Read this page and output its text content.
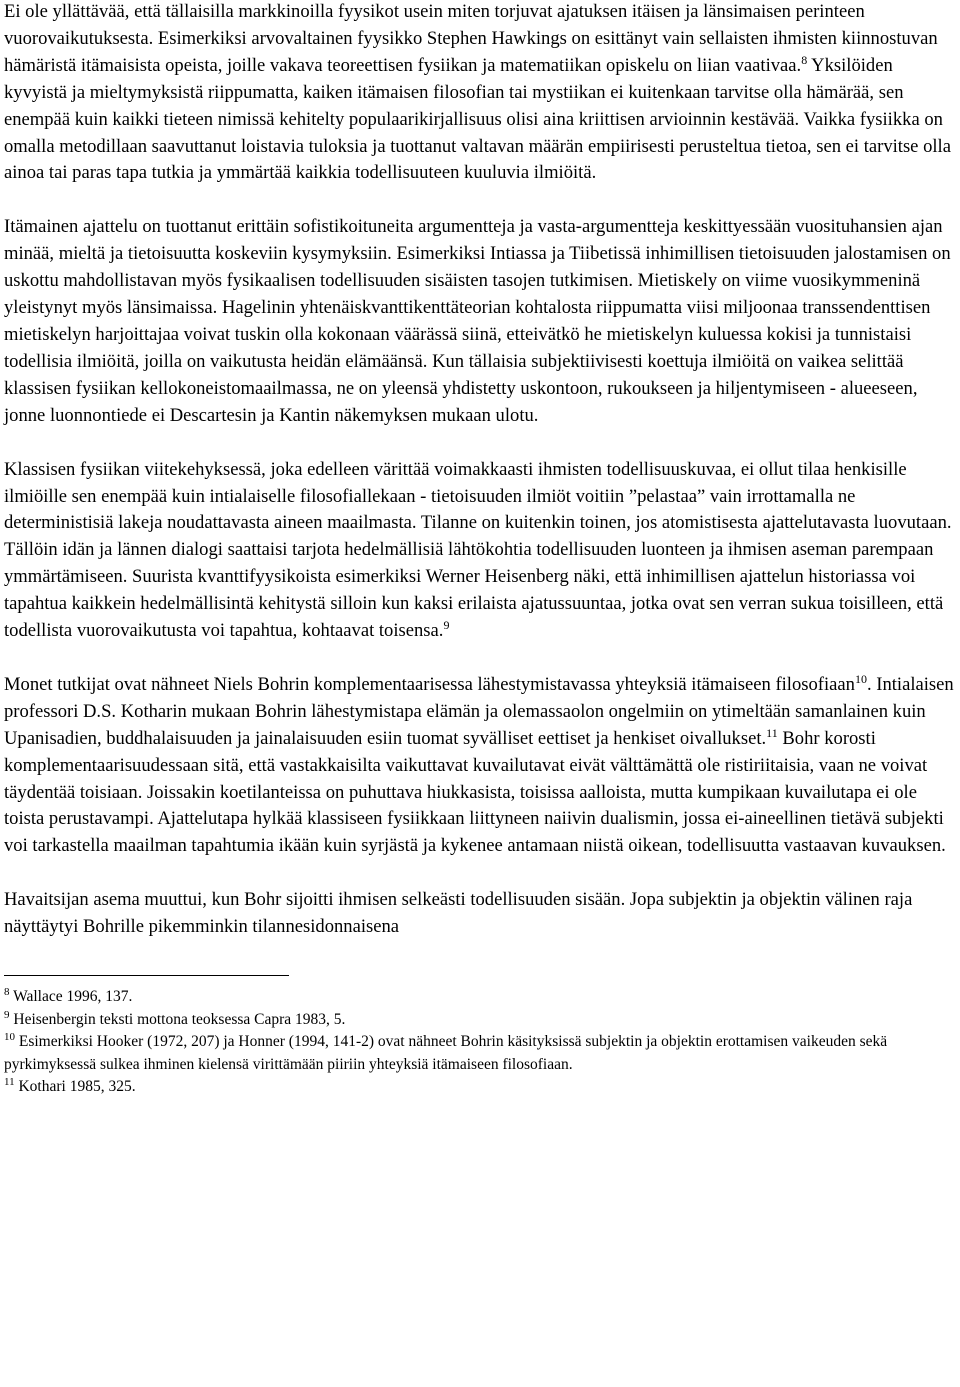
Ei ole yllättävää, että tällaisilla markkinoilla fyysikot usein miten torjuvat ajatuksen itäisen ja länsimaisen perinteen vuorovaikutuksesta. Esimerkiksi arvovaltainen fyysikko Stephen Hawkings on esittänyt vain sellaisten ihmisten kiinnostuvan hämäristä itämaisista opeista, joille vakava teoreettisen fysiikan ja matematiikan opiskelu on liian vaativaa.$^8$ Yksilöiden kyvyistä ja mieltymyksistä riippumatta, kaiken itämaisen filosofian tai mystiikan ei kuitenkaan tarvitse olla hämärää, sen enempää kuin kaikki tieteen nimissä kehitelty populaarikirjallisuus olisi aina kriittisen arvioinnin kestävää. Vaikka fysiikka on omalla metodillaan saavuttanut loistavia tuloksia ja tuottanut valtavan määrän empiirisesti perusteltua tietoa, sen ei tarvitse olla ainoa tai paras tapa tutkia ja ymmärtää kaikkia todellisuuteen kuuluvia ilmiöitä.

Itämainen ajattelu on tuottanut erittäin sofistikoituneita argumentteja ja vasta-argumentteja keskittyessään vuosituhansien ajan minää, mieltä ja tietoisuutta koskeviin kysymyksiin. Esimerkiksi Intiassa ja Tiibetissä inhimillisen tietoisuuden jalostamisen on uskottu mahdollistavan myös fysikaalisen todellisuuden sisäisten tasojen tutkimisen. Mietiskely on viime vuosikymmeninä yleistynyt myös länsimaissa. Hagelinin yhtenäiskvanttikenttäteorian kohtalosta riippumatta viisi miljoonaa transsendenttisen mietiskelyn harjoittajaa voivat tuskin olla kokonaan väärässä siinä, etteivätkö he mietiskelyn kuluessa kokisi ja tunnistaisi todellisia ilmiöitä, joilla on vaikutusta heidän elämäänsä. Kun tällaisia subjektiivisesti koettuja ilmiöitä on vaikea selittää klassisen fysiikan kellokoneistomaailmassa, ne on yleensä yhdistetty uskontoon, rukoukseen ja hiljentymiseen - alueeseen, jonne luonnontiede ei Descartesin ja Kantin näkemyksen mukaan ulotu.

Klassisen fysiikan viitekehyksessä, joka edelleen värittää voimakkaasti ihmisten todellisuuskuvaa, ei ollut tilaa henkisille ilmiöille sen enempää kuin intialaiselle filosofiallekaan - tietoisuuden ilmiöt voitiin ”pelastaa” vain irrottamalla ne deterministisiä lakeja noudattavasta aineen maailmasta. Tilanne on kuitenkin toinen, jos atomistisesta ajattelutavasta luovutaan. Tällöin idän ja lännen dialogi saattaisi tarjota hedelmällisiä lähtökohtia todellisuuden luonteen ja ihmisen aseman parempaan ymmärtämiseen. Suurista kvanttifyysikoista esimerkiksi Werner Heisenberg näki, että inhimillisen ajattelun historiassa voi tapahtua kaikkein hedelmällisintä kehitystä silloin kun kaksi erilaista ajatussuuntaa, jotka ovat sen verran sukua toisilleen, että todellista vuorovaikutusta voi tapahtua, kohtaavat toisensa.$^9$

Monet tutkijat ovat nähneet Niels Bohrin komplementaarisessa lähestymistavassa yhteyksiä itämaiseen filosofiaan$^{10}$. Intialaisen professori D.S. Kotharin mukaan Bohrin lähestymistapa elämän ja olemassaolon ongelmiin on ytimeltään samanlainen kuin Upanisadien, buddhalaisuuden ja jainalaisuuden esiin tuomat syvälliset eettiset ja henkiset oivallukset.$^{11}$ Bohr korosti komplementaarisuudessaan sitä, että vastakkaisilta vaikuttavat kuvailutavat eivät välttämättä ole ristiriitaisia, vaan ne voivat täydentää toisiaan. Joissakin koetilanteissa on puhuttava hiukkasista, toisissa aalloista, mutta kumpikaan kuvailutapa ei ole toista perustavampi. Ajattelutapa hylkää klassiseen fysiikkaan liittyneen naiivin dualismin, jossa ei-aineellinen tietävä subjekti voi tarkastella maailman tapahtumia ikään kuin syrjästä ja kykenee antamaan niistä oikean, todellisuutta vastaavan kuvauksen.

Havaitsijan asema muuttui, kun Bohr sijoitti ihmisen selkeästi todellisuuden sisään. Jopa subjektin ja objektin välinen raja näyttäytyi Bohrille pikemminkin tilannesidonnaisena

$^8$ Wallace 1996, 137.

$^9$ Heisenbergin teksti mottona teoksessa Capra 1983, 5.

$^{10}$ Esimerkiksi Hooker (1972, 207) ja Honner (1994, 141-2) ovat nähneet Bohrin käsityksissä subjektin ja objektin erottamisen vaikeuden sekä pyrkimyksessä sulkea ihminen kielensä virittämään piiriin yhteyksiä itämaiseen filosofiaan.

$^{11}$ Kothari 1985, 325.
